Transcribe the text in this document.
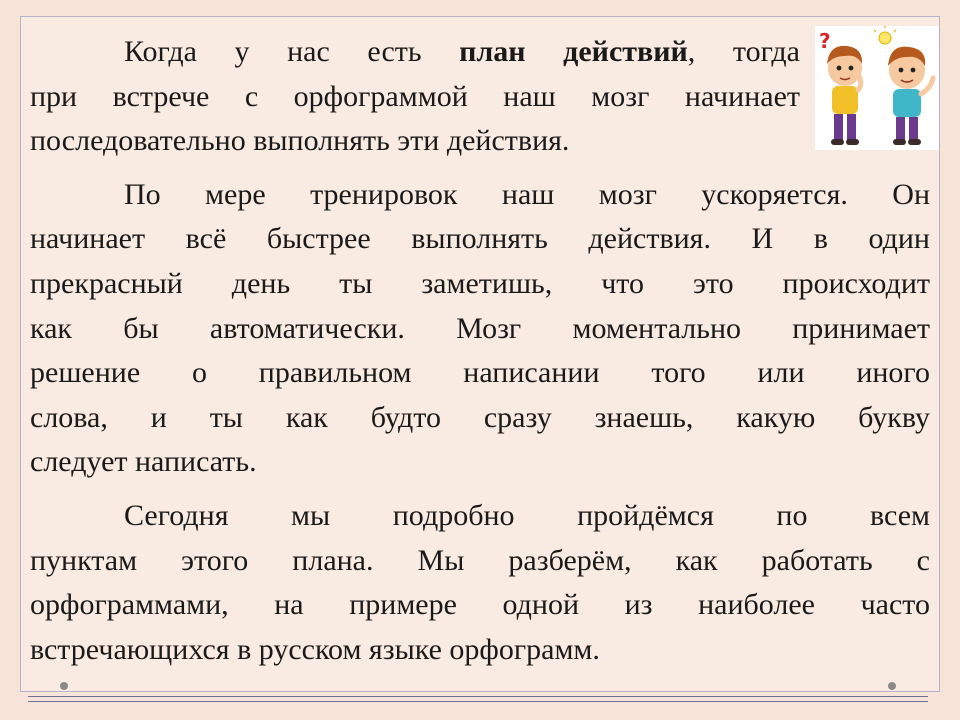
Когда у нас есть план действий, тогда
при встрече с орфограммой наш мозг начинает
последовательно выполнять эти действия.

По мере тренировок наш мозг ускоряется. Он
начинает всё быстрее выполнять действия. И в один
прекрасный день ты заметишь, что это происходит
как бы автоматически. Мозг моментально принимает
решение о правильном написании того или иного
слова, и ты как будто сразу знаешь, какую букву
следует написать.

Сегодня мы подробно пройдёмся по всем
пунктам этого плана. Мы разберём, как работать с
орфограммами, на примере одной из наиболее часто
встречающихся в русском языке орфограмм.

?
